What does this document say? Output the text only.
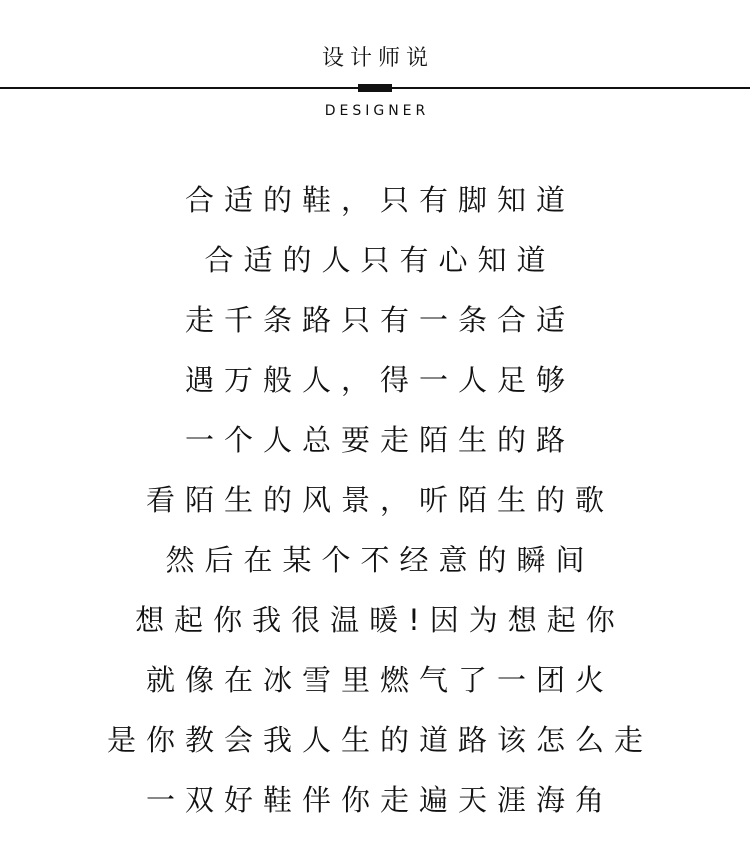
设计师说
DESIGNER
合适的鞋，只有脚知道
合适的人只有心知道
走千条路只有一条合适
遇万般人，得一人足够
一个人总要走陌生的路
看陌生的风景，听陌生的歌
然后在某个不经意的瞬间
想起你我很温暖!因为想起你
就像在冰雪里燃气了一团火
是你教会我人生的道路该怎么走
一双好鞋伴你走遍天涯海角
